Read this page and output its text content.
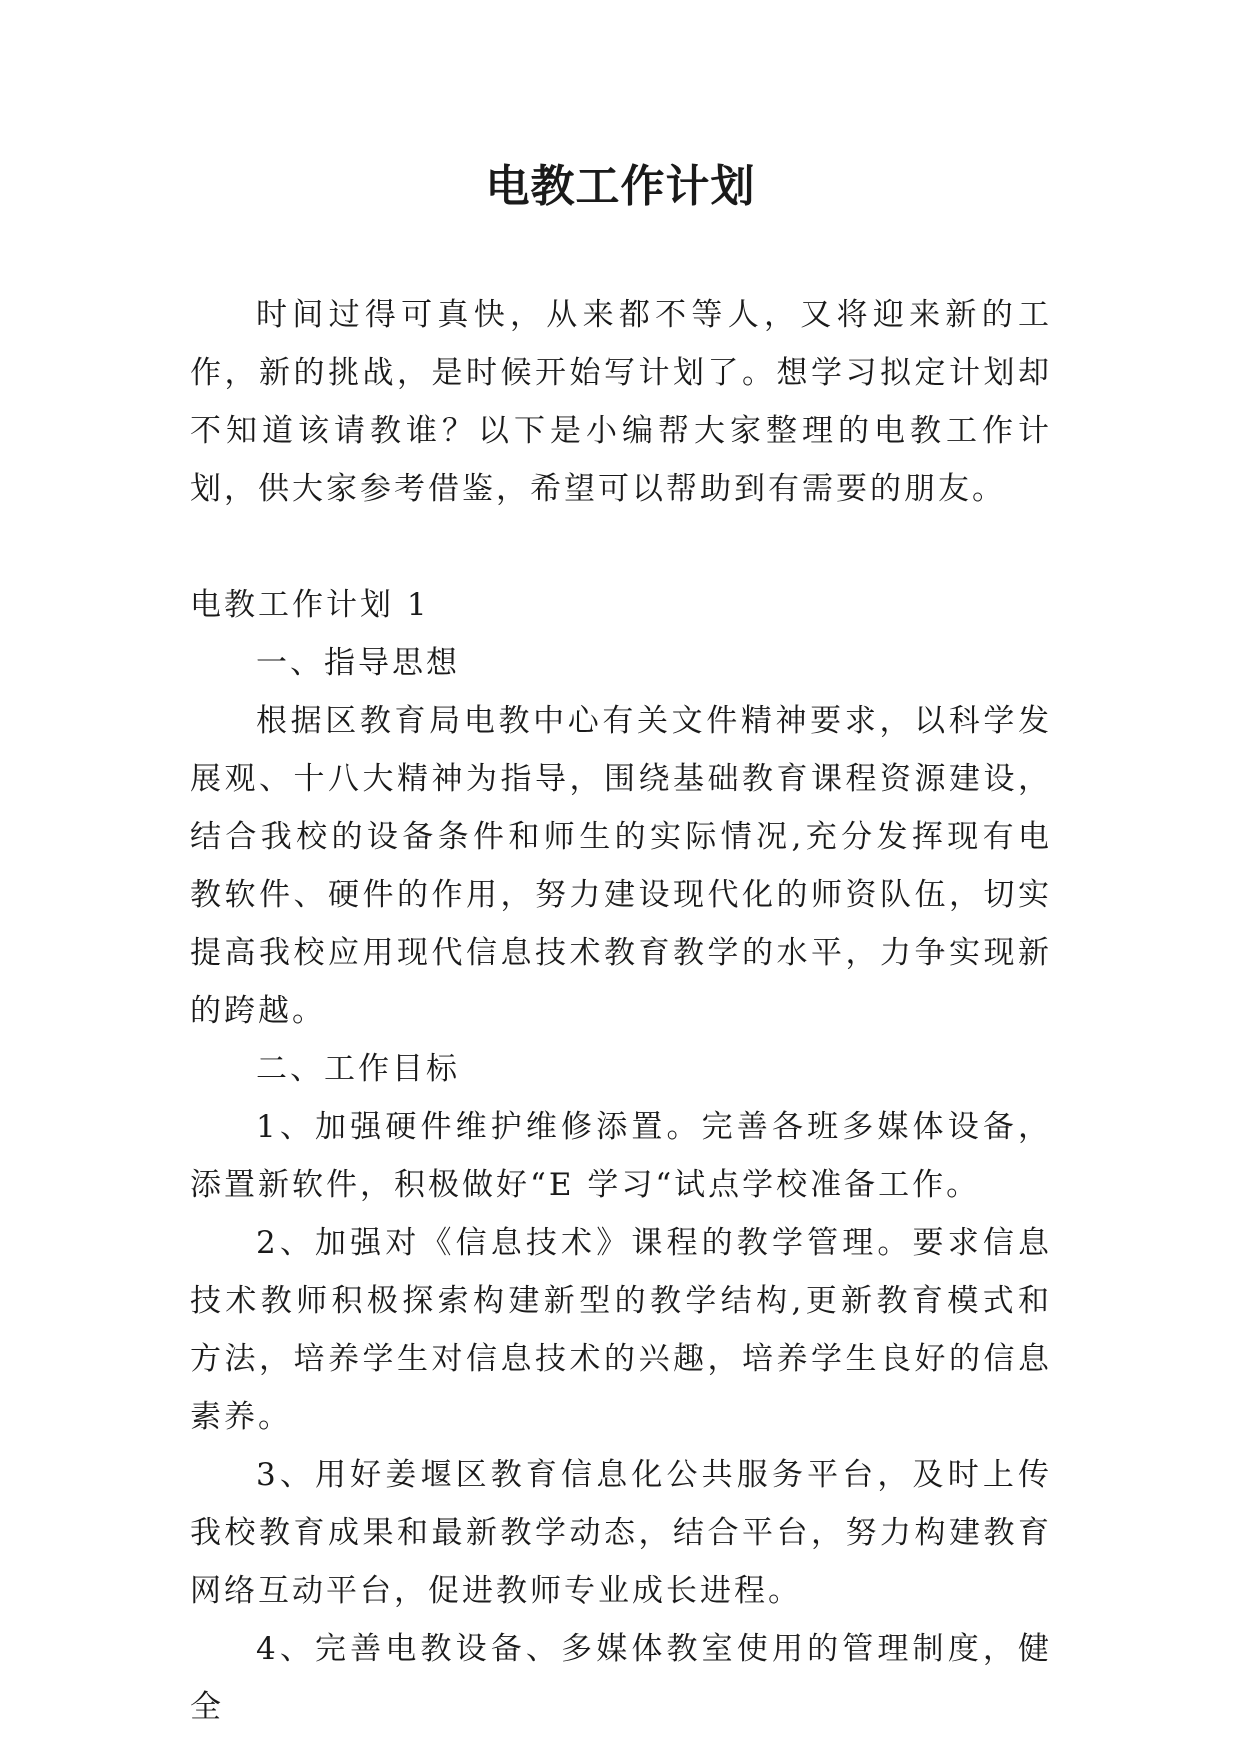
电教工作计划

时间过得可真快，从来都不等人，又将迎来新的工作，新的挑战，是时候开始写计划了。想学习拟定计划却不知道该请教谁？以下是小编帮大家整理的电教工作计划，供大家参考借鉴，希望可以帮助到有需要的朋友。

电教工作计划 1

一、指导思想

根据区教育局电教中心有关文件精神要求，以科学发展观、十八大精神为指导，围绕基础教育课程资源建设，结合我校的设备条件和师生的实际情况,充分发挥现有电教软件、硬件的作用，努力建设现代化的师资队伍，切实提高我校应用现代信息技术教育教学的水平，力争实现新的跨越。

二、工作目标

1、加强硬件维护维修添置。完善各班多媒体设备，添置新软件，积极做好“E 学习“试点学校准备工作。

2、加强对《信息技术》课程的教学管理。要求信息技术教师积极探索构建新型的教学结构,更新教育模式和方法，培养学生对信息技术的兴趣，培养学生良好的信息素养。

3、用好姜堰区教育信息化公共服务平台，及时上传我校教育成果和最新教学动态，结合平台，努力构建教育网络互动平台，促进教师专业成长进程。

4、完善电教设备、多媒体教室使用的管理制度，健全
